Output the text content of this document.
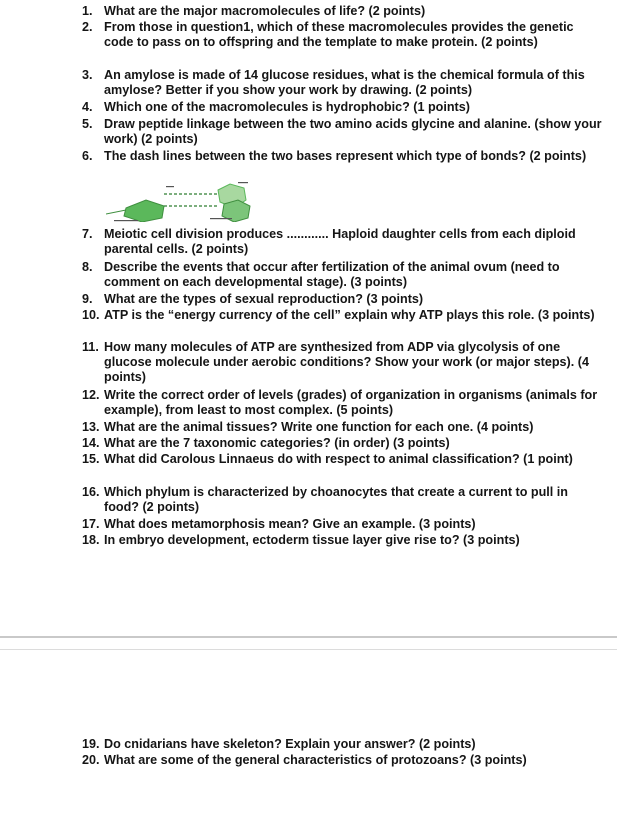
1. What are the major macromolecules of life? (2 points)
2. From those in question1, which of these macromolecules provides the genetic code to pass on to offspring and the template to make protein. (2 points)
3. An amylose is made of 14 glucose residues, what is the chemical formula of this amylose? Better if you show your work by drawing. (2 points)
4. Which one of the macromolecules is hydrophobic? (1 points)
5. Draw peptide linkage between the two amino acids glycine and alanine. (show your work) (2 points)
6. The dash lines between the two bases represent which type of bonds? (2 points)
7. Meiotic cell division produces ............ Haploid daughter cells from each diploid parental cells. (2 points)
8. Describe the events that occur after fertilization of the animal ovum (need to comment on each developmental stage). (3 points)
9. What are the types of sexual reproduction? (3 points)
10. ATP is the “energy currency of the cell” explain why ATP plays this role. (3 points)
11. How many molecules of ATP are synthesized from ADP via glycolysis of one glucose molecule under aerobic conditions? Show your work (or major steps). (4 points)
12. Write the correct order of levels (grades) of organization in organisms (animals for example), from least to most complex. (5 points)
13. What are the animal tissues? Write one function for each one. (4 points)
14. What are the 7 taxonomic categories? (in order) (3 points)
15. What did Carolous Linnaeus do with respect to animal classification? (1 point)
16. Which phylum is characterized by choanocytes that create a current to pull in food? (2 points)
17. What does metamorphosis mean? Give an example. (3 points)
18. In embryo development, ectoderm tissue layer give rise to? (3 points)
19. Do cnidarians have skeleton? Explain your answer? (2 points)
20. What are some of the general characteristics of protozoans? (3 points)
